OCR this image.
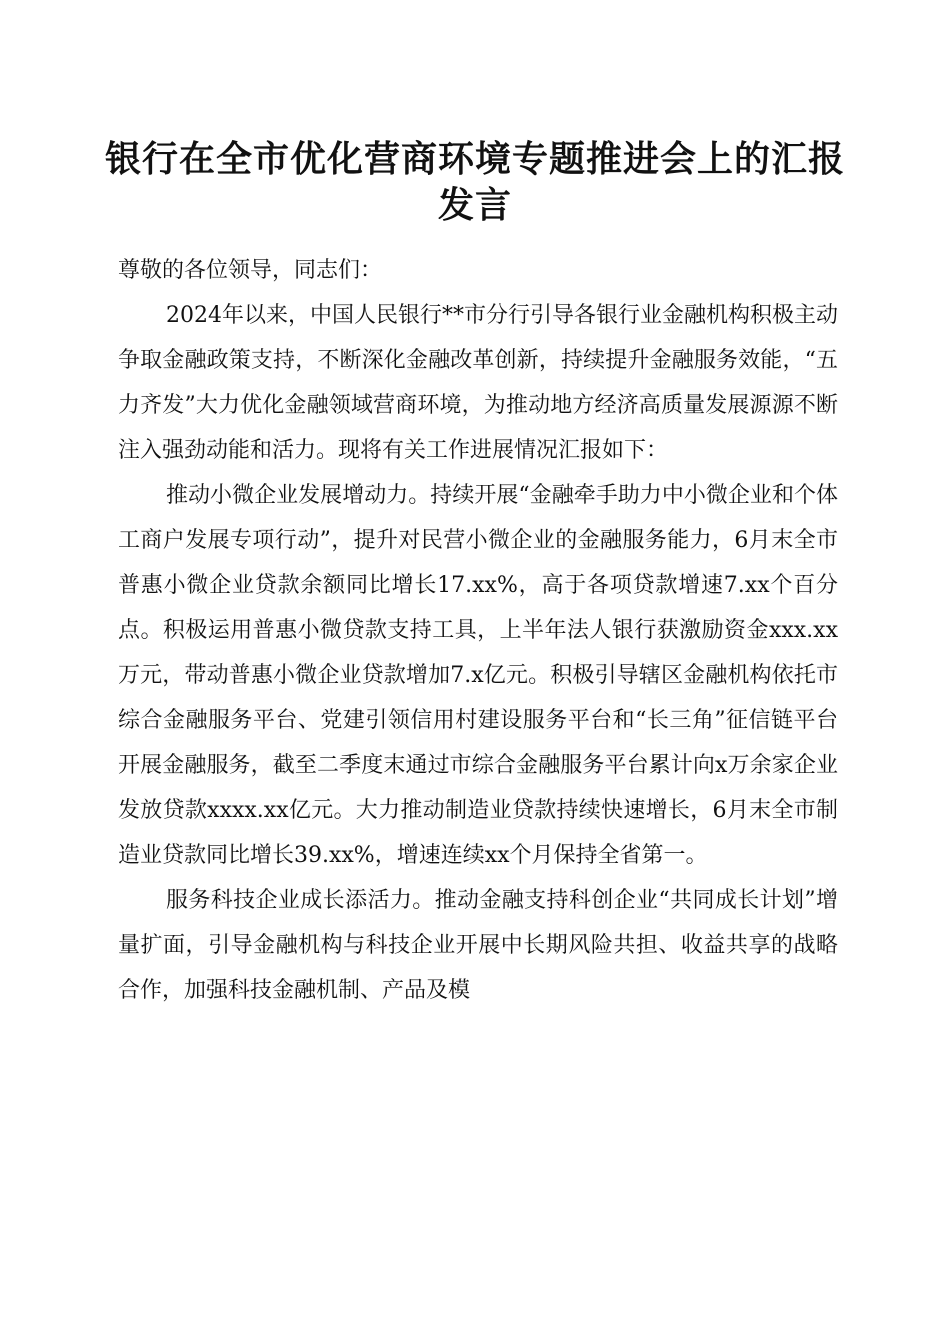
银行在全市优化营商环境专题推进会上的汇报
发言

尊敬的各位领导，同志们：

2024年以来，中国人民银行**市分行引导各银行业金融机构积极主动争取金融政策支持，不断深化金融改革创新，持续提升金融服务效能，“五力齐发”大力优化金融领域营商环境，为推动地方经济高质量发展源源不断注入强劲动能和活力。现将有关工作进展情况汇报如下：

推动小微企业发展增动力。持续开展“金融牵手助力中小微企业和个体工商户发展专项行动”，提升对民营小微企业的金融服务能力，6月末全市普惠小微企业贷款余额同比增长17.xx%，高于各项贷款增速7.xx个百分点。积极运用普惠小微贷款支持工具，上半年法人银行获激励资金xxx.xx万元，带动普惠小微企业贷款增加7.x亿元。积极引导辖区金融机构依托市综合金融服务平台、党建引领信用村建设服务平台和“长三角”征信链平台开展金融服务，截至二季度末通过市综合金融服务平台累计向x万余家企业发放贷款xxxx.xx亿元。大力推动制造业贷款持续快速增长，6月末全市制造业贷款同比增长39.xx%，增速连续xx个月保持全省第一。

服务科技企业成长添活力。推动金融支持科创企业“共同成长计划”增量扩面，引导金融机构与科技企业开展中长期风险共担、收益共享的战略合作，加强科技金融机制、产品及模
